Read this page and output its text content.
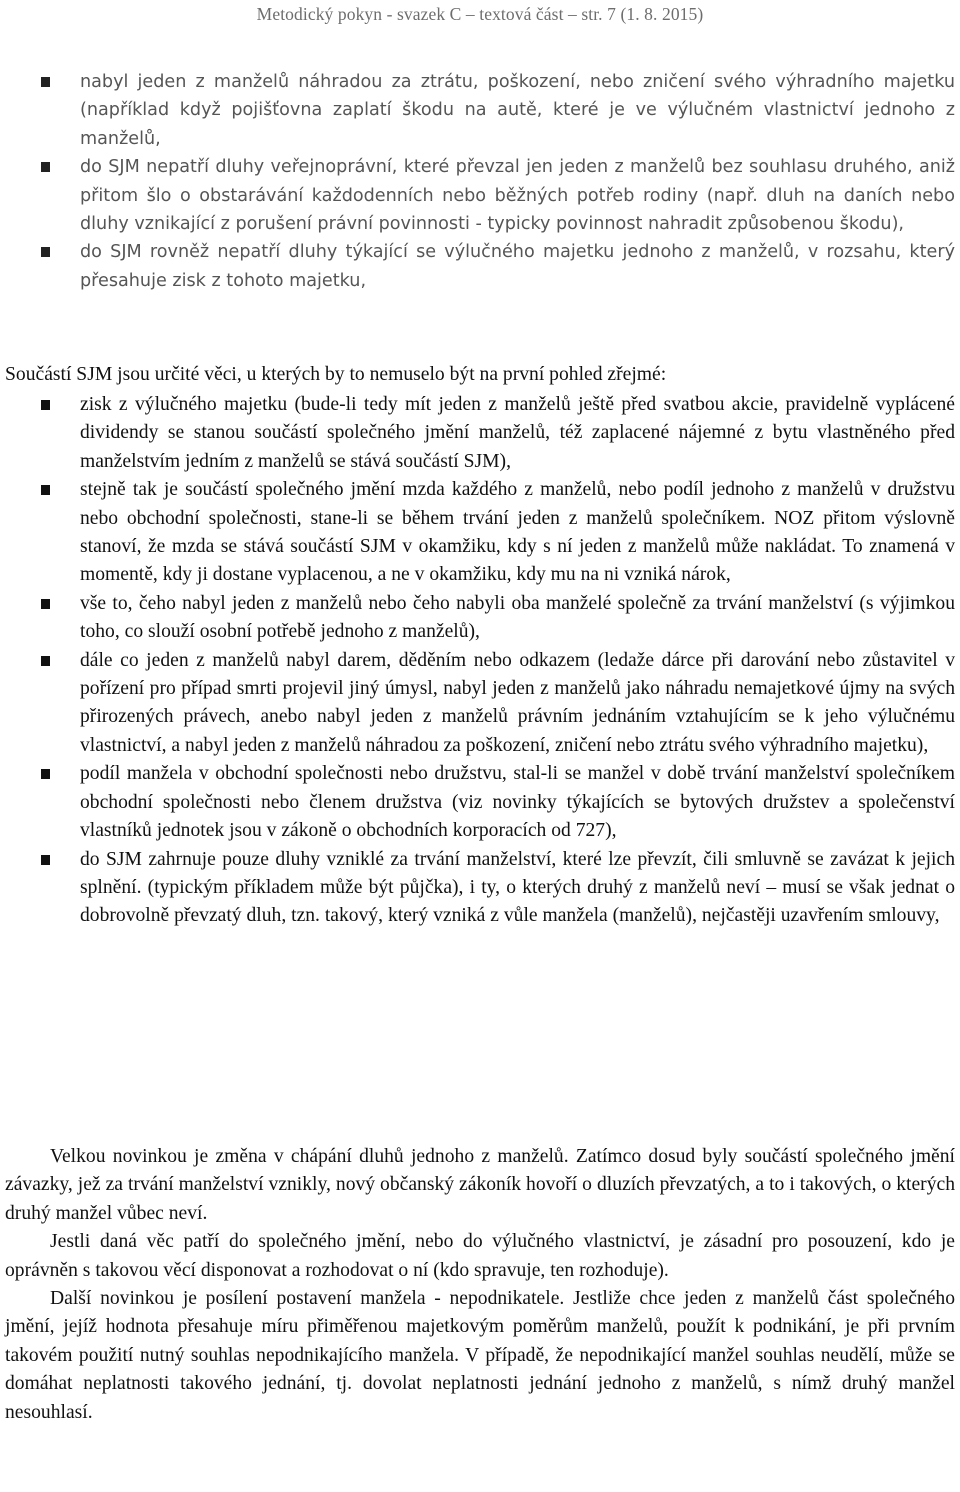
Metodický pokyn - svazek C – textová část – str. 7 (1. 8. 2015)
nabyl jeden z manželů náhradou za ztrátu, poškození, nebo zničení svého výhradního majetku (například když pojišťovna zaplatí škodu na autě, které je ve výlučném vlastnictví jednoho z manželů,
do SJM nepatří dluhy veřejnoprávní, které převzal jen jeden z manželů bez souhlasu druhého, aniž přitom šlo o obstarávání každodenních nebo běžných potřeb rodiny (např. dluh na daních nebo dluhy vznikající z porušení právní povinnosti - typicky povinnost nahradit způsobenou škodu),
do SJM rovněž nepatří dluhy týkající se výlučného majetku jednoho z manželů, v rozsahu, který přesahuje zisk z tohoto majetku,
Součástí SJM jsou určité věci, u kterých by to nemuselo být na první pohled zřejmé:
zisk z výlučného majetku (bude-li tedy mít jeden z manželů ještě před svatbou akcie, pravidelně vyplácené dividendy se stanou součástí společného jmění manželů, též zaplacené nájemné z bytu vlastněného před manželstvím jedním z manželů se stává součástí SJM),
stejně tak je součástí společného jmění mzda každého z manželů, nebo podíl jednoho z manželů v družstvu nebo obchodní společnosti, stane-li se během trvání jeden z manželů společníkem. NOZ přitom výslovně stanoví, že mzda se stává součástí SJM v okamžiku, kdy s ní jeden z manželů může nakládat. To znamená v momentě, kdy ji dostane vyplacenou, a ne v okamžiku, kdy mu na ni vzniká nárok,
vše to, čeho nabyl jeden z manželů nebo čeho nabyli oba manželé společně za trvání manželství (s výjimkou toho, co slouží osobní potřebě jednoho z manželů),
dále co jeden z manželů nabyl darem, děděním nebo odkazem (ledaže dárce při darování nebo zůstavitel v pořízení pro případ smrti projevil jiný úmysl, nabyl jeden z manželů jako náhradu nemajetkové újmy na svých přirozených právech, anebo nabyl jeden z manželů právním jednáním vztahujícím se k jeho výlučnému vlastnictví, a nabyl jeden z manželů náhradou za poškození, zničení nebo ztrátu svého výhradního majetku),
podíl manžela v obchodní společnosti nebo družstvu, stal-li se manžel v době trvání manželství společníkem obchodní společnosti nebo členem družstva (viz novinky týkajících se bytových družstev a společenství vlastníků jednotek jsou v zákoně o obchodních korporacích od 727),
do SJM zahrnuje pouze dluhy vzniklé za trvání manželství, které lze převzít, čili smluvně se zavázat k jejich splnění. (typickým příkladem může být půjčka), i ty, o kterých druhý z manželů neví – musí se však jednat o dobrovolně převzatý dluh, tzn. takový, který vzniká z vůle manžela (manželů), nejčastěji uzavřením smlouvy,

Velkou novinkou je změna v chápání dluhů jednoho z manželů. Zatímco dosud byly součástí společného jmění závazky, jež za trvání manželství vznikly, nový občanský zákoník hovoří o dluzích převzatých, a to i takových, o kterých druhý manžel vůbec neví.

Jestli daná věc patří do společného jmění, nebo do výlučného vlastnictví, je zásadní pro posouzení, kdo je oprávněn s takovou věcí disponovat a rozhodovat o ní (kdo spravuje, ten rozhoduje).

Další novinkou je posílení postavení manžela - nepodnikatele. Jestliže chce jeden z manželů část společného jmění, jejíž hodnota přesahuje míru přiměřenou majetkovým poměrům manželů, použít k podnikání, je při prvním takovém použití nutný souhlas nepodnikajícího manžela. V případě, že nepodnikající manžel souhlas neudělí, může se domáhat neplatnosti takového jednání, tj. dovolat neplatnosti jednání jednoho z manželů, s nímž druhý manžel nesouhlasí.
